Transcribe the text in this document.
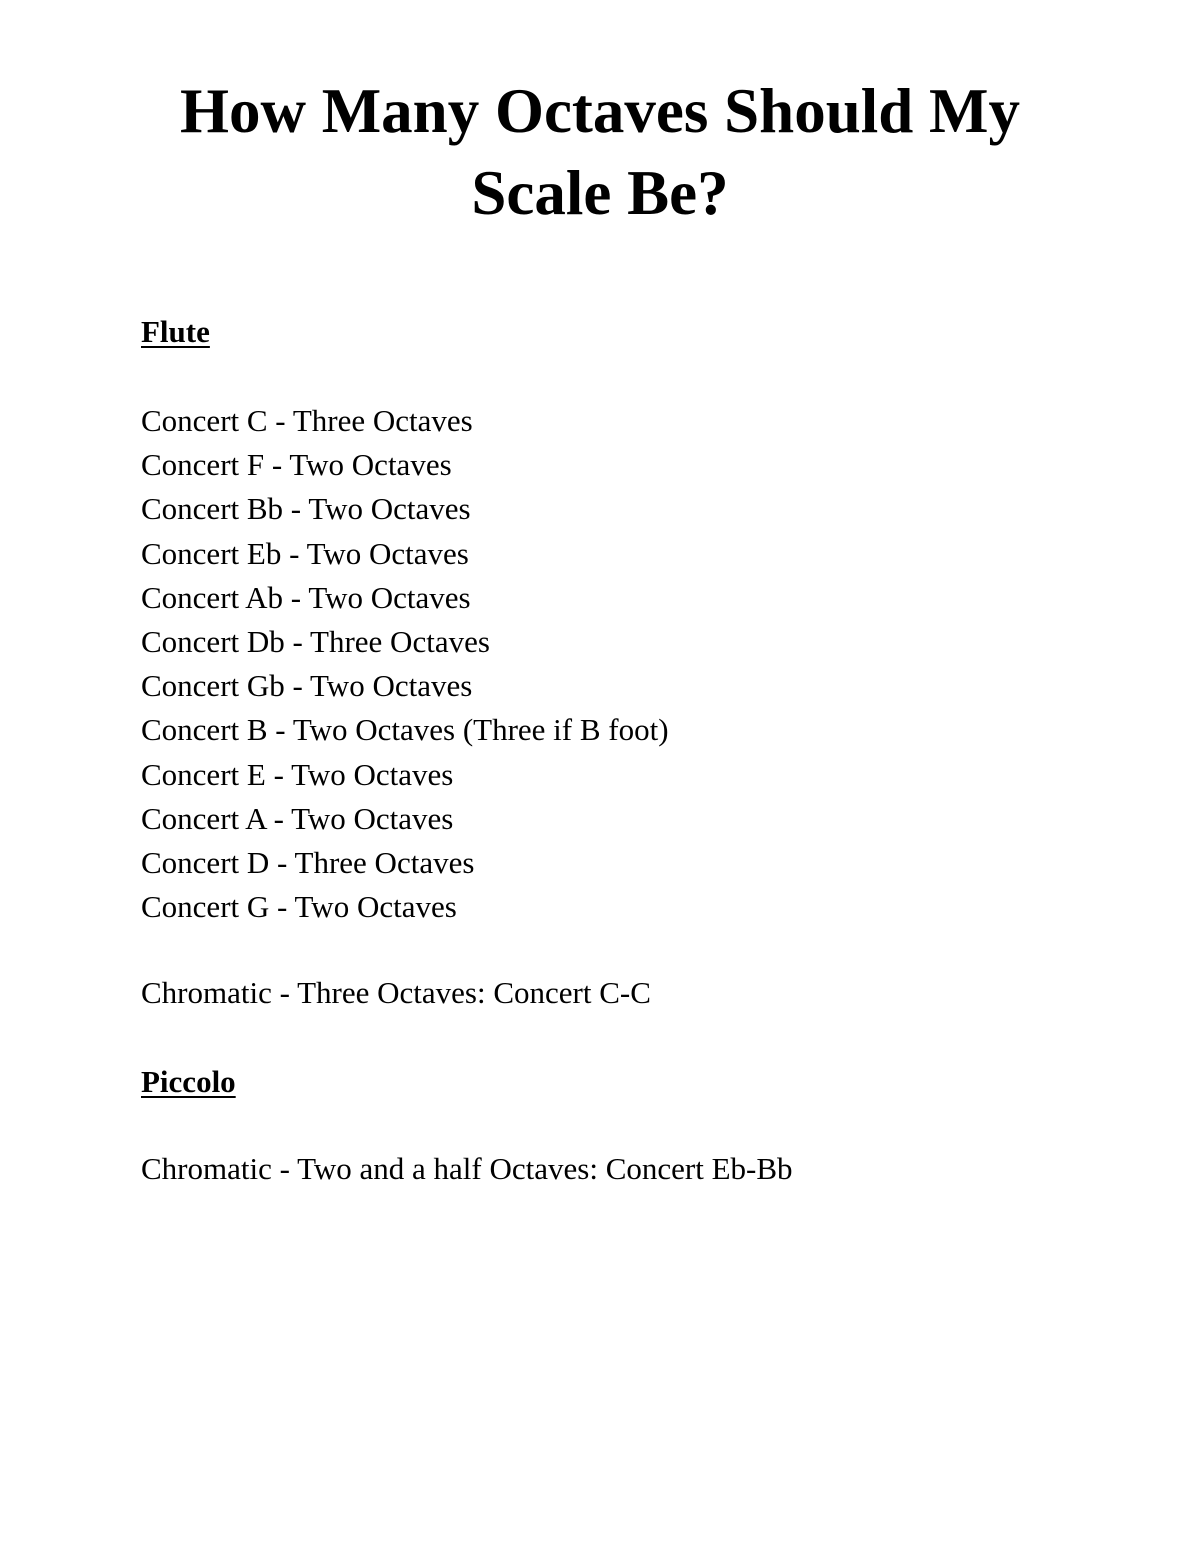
How Many Octaves Should My
Scale Be?
Flute
Concert C - Three Octaves
Concert F - Two Octaves
Concert Bb - Two Octaves
Concert Eb - Two Octaves
Concert Ab - Two Octaves
Concert Db - Three Octaves
Concert Gb - Two Octaves
Concert B - Two Octaves (Three if B foot)
Concert E - Two Octaves
Concert A - Two Octaves
Concert D - Three Octaves
Concert G - Two Octaves

Chromatic - Three Octaves: Concert C-C

Piccolo

Chromatic - Two and a half Octaves: Concert Eb-Bb
